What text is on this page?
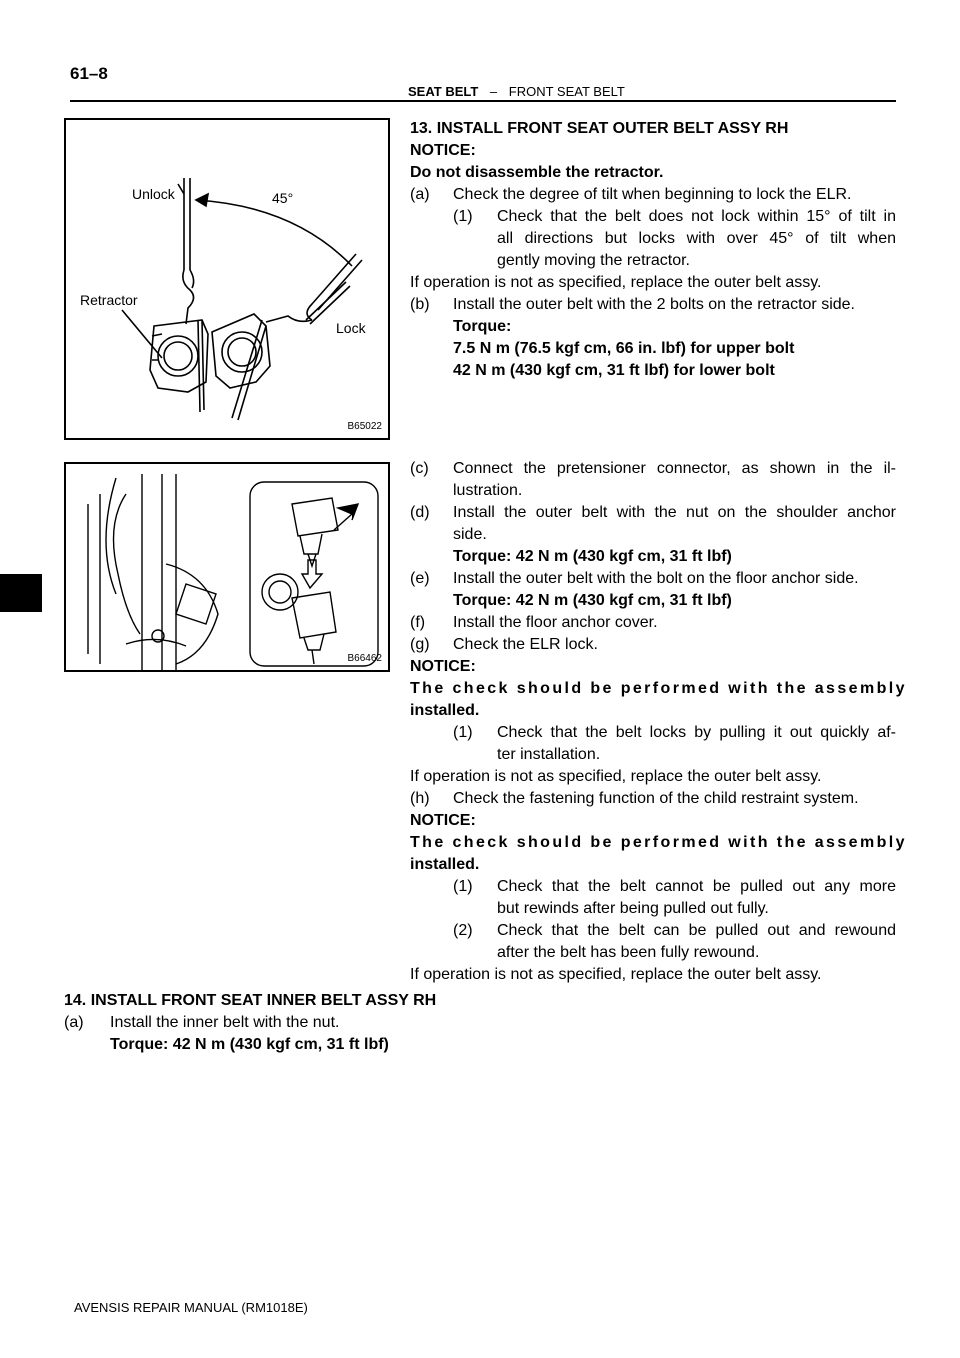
61–8
SEAT BELT – FRONT SEAT BELT
Unlock	45°
Retractor
Lock
B65022
B66462
13. INSTALL FRONT SEAT OUTER BELT ASSY RH
NOTICE:
Do not disassemble the retractor.
(a) Check the degree of tilt when beginning to lock the ELR.
(1) Check that the belt does not lock within 15° of tilt in
all directions but locks with over 45° of tilt when
gently moving the retractor.
If operation is not as specified, replace the outer belt assy.
(b) Install the outer belt with the 2 bolts on the retractor side.
Torque:
7.5 N m (76.5 kgf cm, 66 in. lbf) for upper bolt
42 N m (430 kgf cm, 31 ft lbf) for lower bolt
(c) Connect the pretensioner connector, as shown in the il-
lustration.
(d) Install the outer belt with the nut on the shoulder anchor
side.
Torque: 42 N m (430 kgf cm, 31 ft lbf)
(e) Install the outer belt with the bolt on the floor anchor side.
Torque: 42 N m (430 kgf cm, 31 ft lbf)
(f) Install the floor anchor cover.
(g) Check the ELR lock.
NOTICE:
The check should be performed with the assembly
installed.
(1) Check that the belt locks by pulling it out quickly af-
ter installation.
If operation is not as specified, replace the outer belt assy.
(h) Check the fastening function of the child restraint system.
NOTICE:
The check should be performed with the assembly
installed.
(1) Check that the belt cannot be pulled out any more
but rewinds after being pulled out fully.
(2) Check that the belt can be pulled out and rewound
after the belt has been fully rewound.
If operation is not as specified, replace the outer belt assy.
14. INSTALL FRONT SEAT INNER BELT ASSY RH
(a) Install the inner belt with the nut.
Torque: 42 N m (430 kgf cm, 31 ft lbf)
AVENSIS REPAIR MANUAL (RM1018E)
